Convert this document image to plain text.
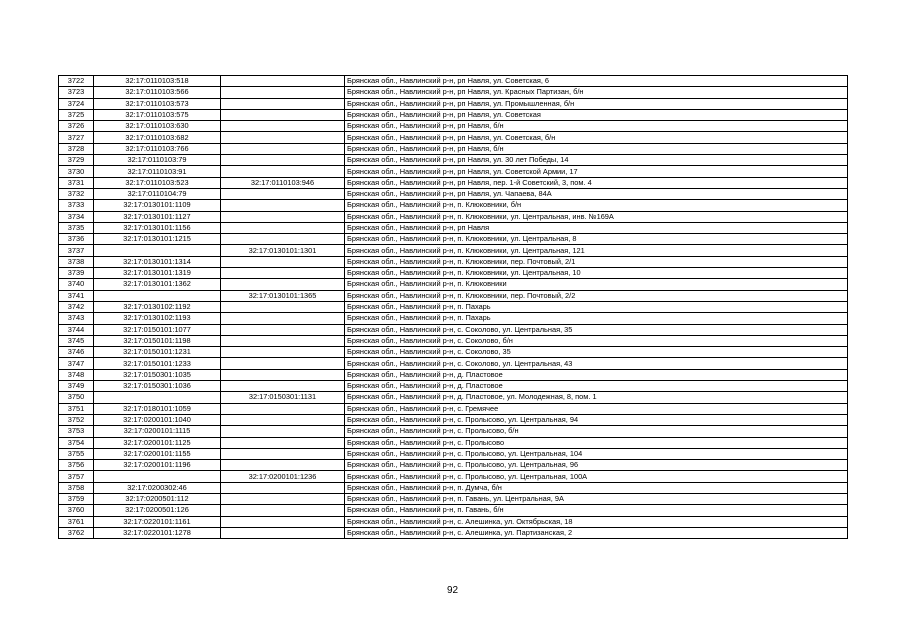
3722	32:17:0110103:518		Брянская обл., Навлинский р-н, рп Навля, ул. Советская, 6
3723	32:17:0110103:566		Брянская обл., Навлинский р-н, рп Навля, ул. Красных Партизан, б/н
3724	32:17:0110103:573		Брянская обл., Навлинский р-н, рп Навля, ул. Промышленная, б/н
3725	32:17:0110103:575		Брянская обл., Навлинский р-н, рп Навля, ул. Советская
3726	32:17:0110103:630		Брянская обл., Навлинский р-н, рп Навля, б/н
3727	32:17:0110103:682		Брянская обл., Навлинский р-н, рп Навля, ул. Советская, б/н
3728	32:17:0110103:766		Брянская обл., Навлинский р-н, рп Навля, б/н
3729	32:17:0110103:79		Брянская обл., Навлинский р-н, рп Навля, ул. 30 лет Победы, 14
3730	32:17:0110103:91		Брянская обл., Навлинский р-н, рп Навля, ул. Советской Армии, 17
3731	32:17:0110103:523	32:17:0110103:946	Брянская обл., Навлинский р-н, рп Навля, пер. 1-й Советский, 3, пом. 4
3732	32:17:0110104:79		Брянская обл., Навлинский р-н, рп Навля, ул. Чапаева, 84А
3733	32:17:0130101:1109		Брянская обл., Навлинский р-н, п. Клюковники, б/н
3734	32:17:0130101:1127		Брянская обл., Навлинский р-н, п. Клюковники, ул. Центральная, инв. №169А
3735	32:17:0130101:1156		Брянская обл., Навлинский р-н, рп Навля
3736	32:17:0130101:1215		Брянская обл., Навлинский р-н, п. Клюковники, ул. Центральная, 8
3737		32:17:0130101:1301	Брянская обл., Навлинский р-н, п. Клюковники, ул. Центральная, 121
3738	32:17:0130101:1314		Брянская обл., Навлинский р-н, п. Клюковники, пер. Почтовый, 2/1
3739	32:17:0130101:1319		Брянская обл., Навлинский р-н, п. Клюковники, ул. Центральная, 10
3740	32:17:0130101:1362		Брянская обл., Навлинский р-н, п. Клюковники
3741		32:17:0130101:1365	Брянская обл., Навлинский р-н, п. Клюковники, пер. Почтовый, 2/2
3742	32:17:0130102:1192		Брянская обл., Навлинский р-н, п. Пахарь
3743	32:17:0130102:1193		Брянская обл., Навлинский р-н, п. Пахарь
3744	32:17:0150101:1077		Брянская обл., Навлинский р-н, с. Соколово, ул. Центральная, 35
3745	32:17:0150101:1198		Брянская обл., Навлинский р-н, с. Соколово, б/н
3746	32:17:0150101:1231		Брянская обл., Навлинский р-н, с. Соколово, 35
3747	32:17:0150101:1233		Брянская обл., Навлинский р-н, с. Соколово, ул. Центральная, 43
3748	32:17:0150301:1035		Брянская обл., Навлинский р-н, д. Пластовое
3749	32:17:0150301:1036		Брянская обл., Навлинский р-н, д. Пластовое
3750		32:17:0150301:1131	Брянская обл., Навлинский р-н, д. Пластовое, ул. Молодежная, 8, пом. 1
3751	32:17:0180101:1059		Брянская обл., Навлинский р-н, с. Гремячее
3752	32:17:0200101:1040		Брянская обл., Навлинский р-н, с. Пролысово, ул. Центральная, 94
3753	32:17:0200101:1115		Брянская обл., Навлинский р-н, с. Пролысово, б/н
3754	32:17:0200101:1125		Брянская обл., Навлинский р-н, с. Пролысово
3755	32:17:0200101:1155		Брянская обл., Навлинский р-н, с. Пролысово, ул. Центральная, 104
3756	32:17:0200101:1196		Брянская обл., Навлинский р-н, с. Пролысово, ул. Центральная, 96
3757		32:17:0200101:1236	Брянская обл., Навлинский р-н, с. Пролысово, ул. Центральная, 100А
3758	32:17:0200302:46		Брянская обл., Навлинский р-н, п. Думча, б/н
3759	32:17:0200501:112		Брянская обл., Навлинский р-н, п. Гавань, ул. Центральная, 9А
3760	32:17:0200501:126		Брянская обл., Навлинский р-н, п. Гавань, б/н
3761	32:17:0220101:1161		Брянская обл., Навлинский р-н, с. Алешинка, ул. Октябрьская, 18
3762	32:17:0220101:1278		Брянская обл., Навлинский р-н, с. Алешинка, ул. Партизанская, 2
92
